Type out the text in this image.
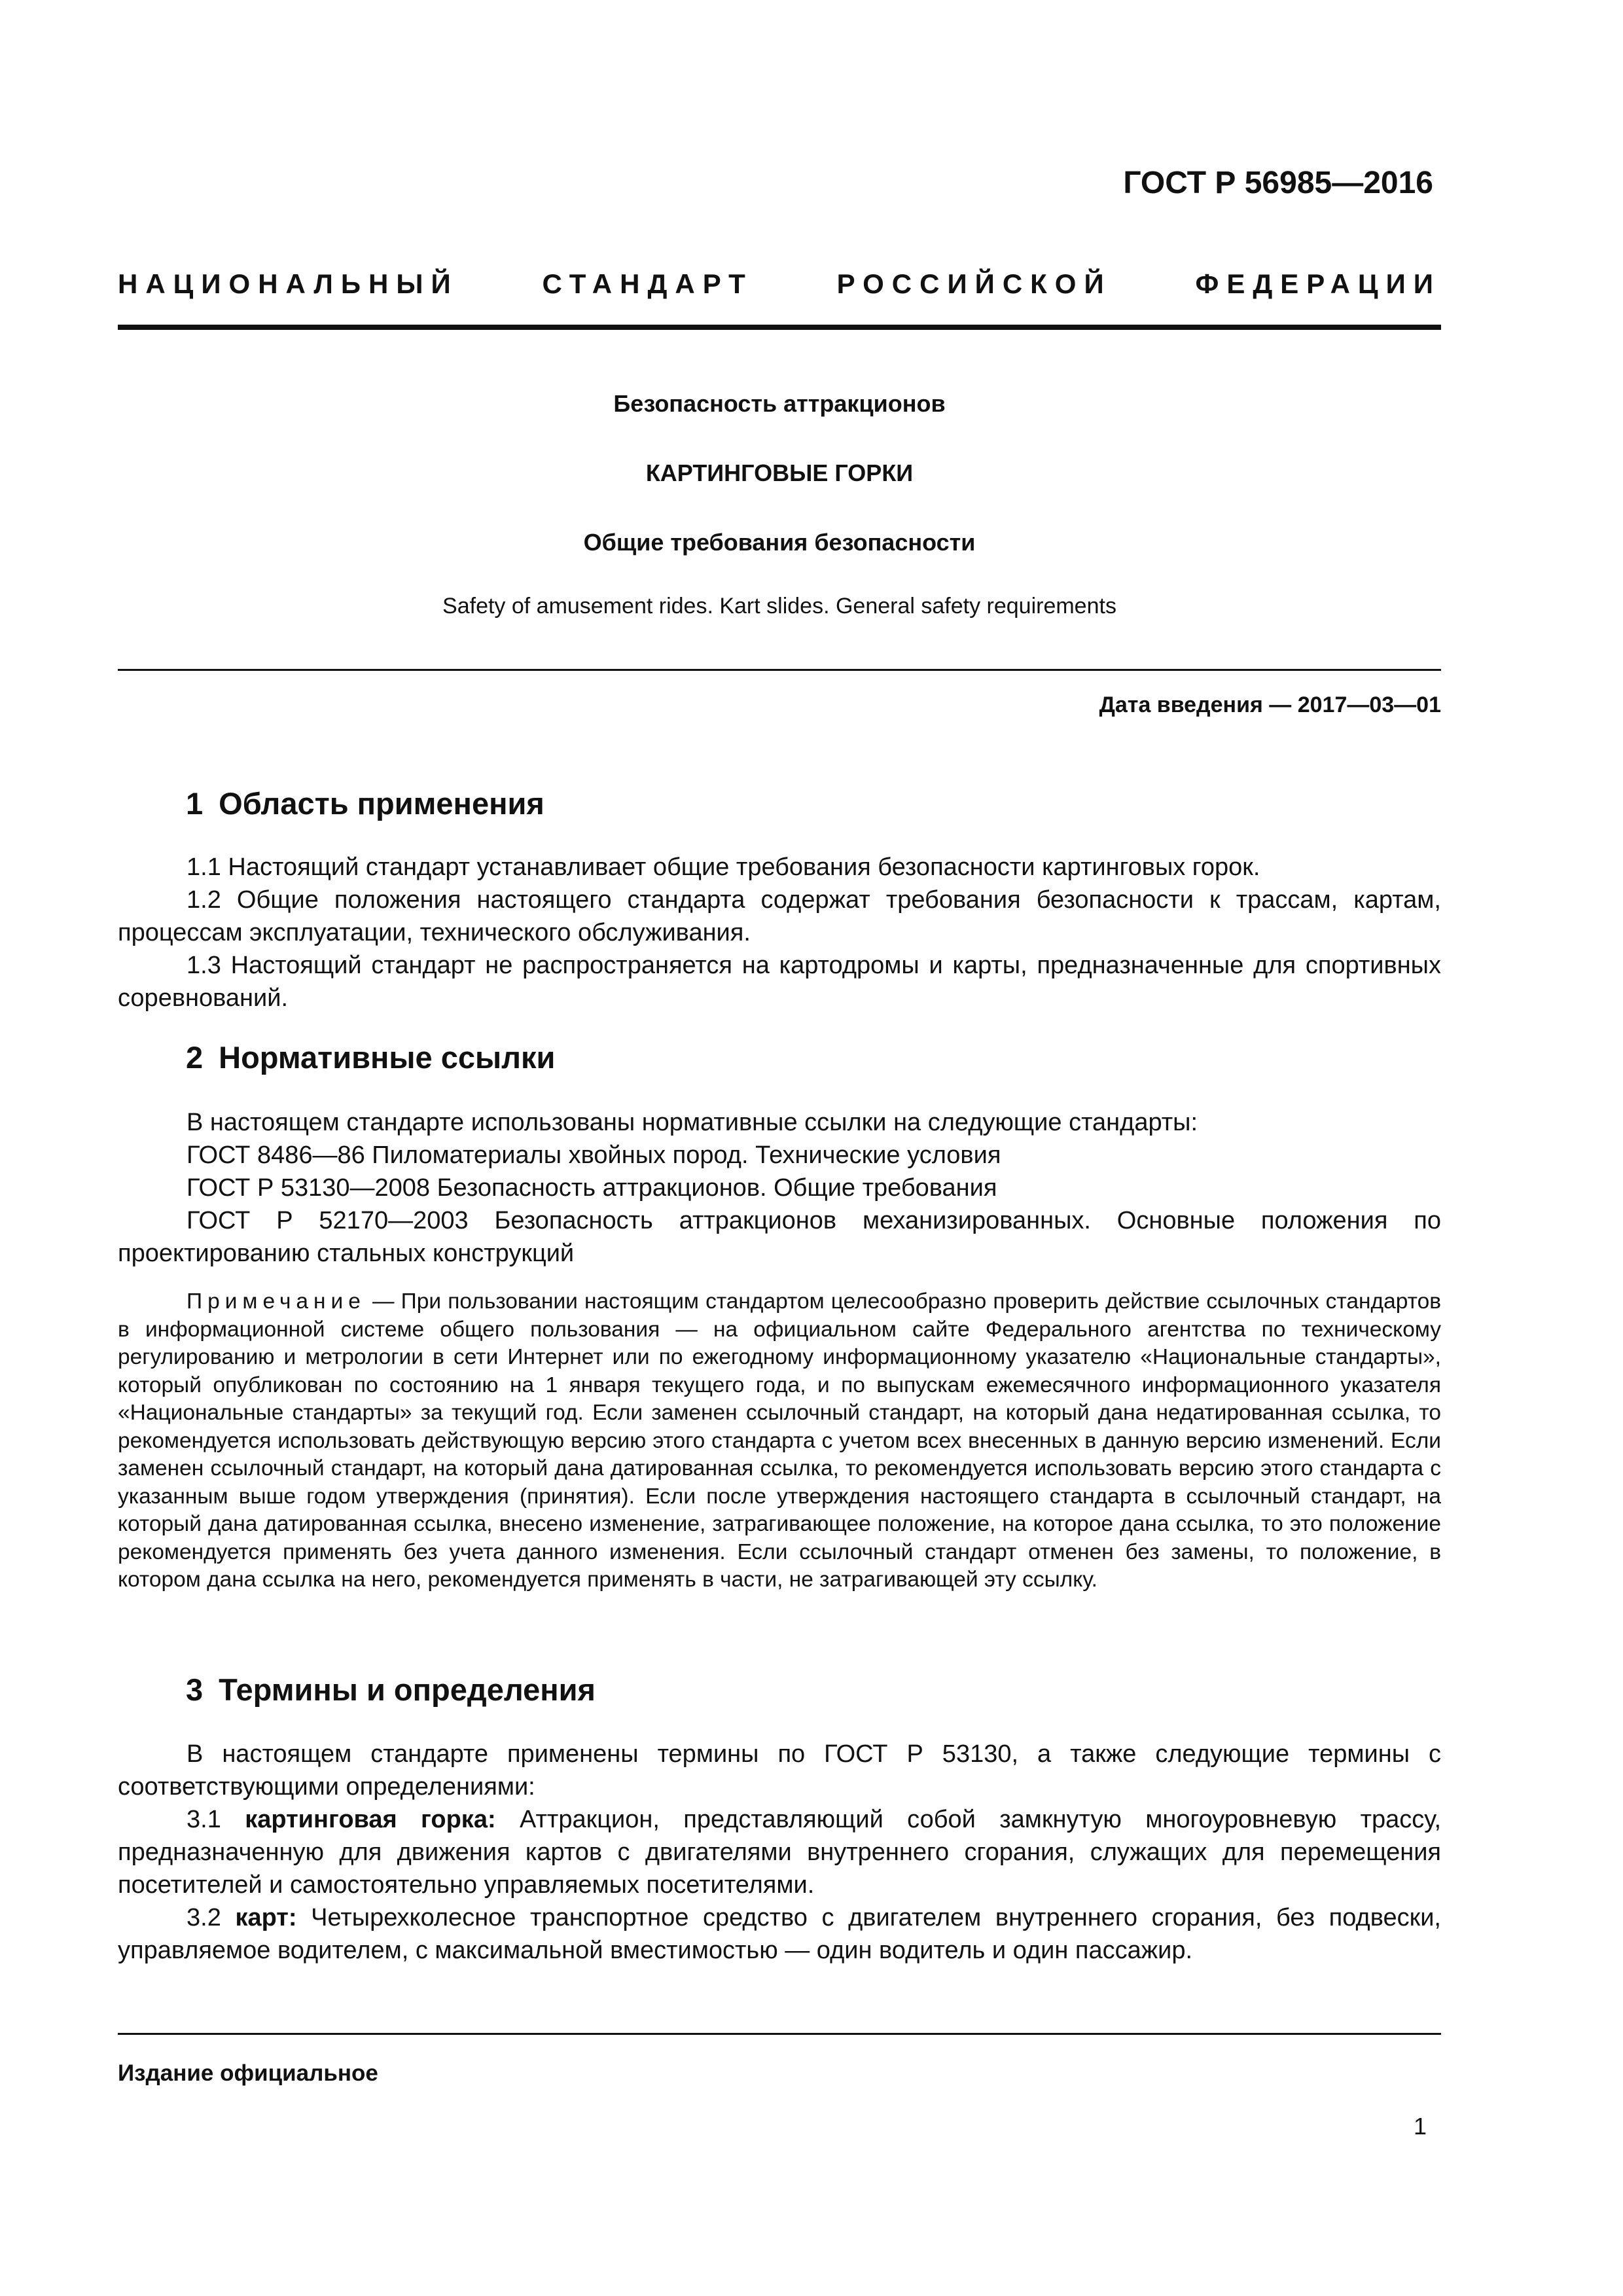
ГОСТ Р 56985—2016
НАЦИОНАЛЬНЫЙ СТАНДАРТ РОССИЙСКОЙ ФЕДЕРАЦИИ
Безопасность аттракционов
КАРТИНГОВЫЕ ГОРКИ
Общие требования безопасности
Safety of amusement rides. Kart slides. General safety requirements
Дата введения — 2017—03—01
1 Область применения

1.1 Настоящий стандарт устанавливает общие требования безопасности картинговых горок.

1.2 Общие положения настоящего стандарта содержат требования безопасности к трассам, картам, процессам эксплуатации, технического обслуживания.

1.3 Настоящий стандарт не распространяется на картодромы и карты, предназначенные для спортивных соревнований.

2 Нормативные ссылки

В настоящем стандарте использованы нормативные ссылки на следующие стандарты:

ГОСТ 8486—86 Пиломатериалы хвойных пород. Технические условия

ГОСТ Р 53130—2008 Безопасность аттракционов. Общие требования

ГОСТ Р 52170—2003 Безопасность аттракционов механизированных. Основные положения по проектированию стальных конструкций

Примечание — При пользовании настоящим стандартом целесообразно проверить действие ссылочных стандартов в информационной системе общего пользования — на официальном сайте Федерального агентства по техническому регулированию и метрологии в сети Интернет или по ежегодному информационному указателю «Национальные стандарты», который опубликован по состоянию на 1 января текущего года, и по выпускам ежемесячного информационного указателя «Национальные стандарты» за текущий год. Если заменен ссылочный стандарт, на который дана недатированная ссылка, то рекомендуется использовать действующую версию этого стандарта с учетом всех внесенных в данную версию изменений. Если заменен ссылочный стандарт, на который дана датированная ссылка, то рекомендуется использовать версию этого стандарта с указанным выше годом утверждения (принятия). Если после утверждения настоящего стандарта в ссылочный стандарт, на который дана датированная ссылка, внесено изменение, затрагивающее положение, на которое дана ссылка, то это положение рекомендуется применять без учета данного изменения. Если ссылочный стандарт отменен без замены, то положение, в котором дана ссылка на него, рекомендуется применять в части, не затрагивающей эту ссылку.
3 Термины и определения

В настоящем стандарте применены термины по ГОСТ Р 53130, а также следующие термины с соответствующими определениями:

3.1 картинговая горка: Аттракцион, представляющий собой замкнутую многоуровневую трассу, предназначенную для движения картов с двигателями внутреннего сгорания, служащих для перемещения посетителей и самостоятельно управляемых посетителями.

3.2 карт: Четырехколесное транспортное средство с двигателем внутреннего сгорания, без подвески, управляемое водителем, с максимальной вместимостью — один водитель и один пассажир.

Издание официальное
1
